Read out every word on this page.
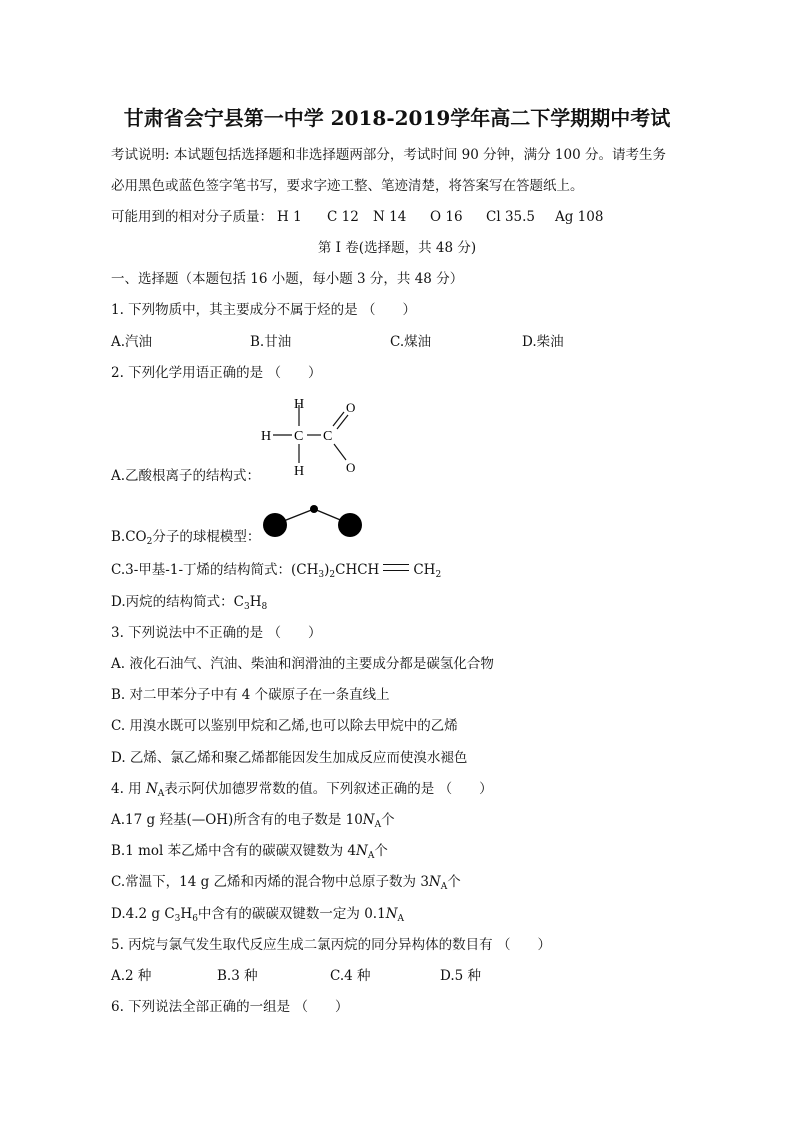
甘肃省会宁县第一中学 2018-2019学年高二下学期期中考试
考试说明: 本试题包括选择题和非选择题两部分，考试时间 90 分钟，满分 100 分。请考生务
必用黑色或蓝色签字笔书写，要求字迹工整、笔迹清楚，将答案写在答题纸上。
可能用到的相对分子质量： H 1 C 12 N 14 O 16 Cl 35.5 Ag 108
第 I 卷(选择题，共 48 分)
一、选择题（本题包括 16 小题，每小题 3 分，共 48 分）
1. 下列物质中，其主要成分不属于烃的是 （　　）
A.汽油	B.甘油	C.煤油	D.柴油
2. 下列化学用语正确的是 （　　）
H
H
H
C C
O
O
A.乙酸根离子的结构式：
$B.CO_2$分子的球棍模型：
C.3-甲基-1-丁烯的结构简式：$(CH_3)_2CHCH$	$CH_2$
D.丙烷的结构简式：$C_3H_8$
3. 下列说法中不正确的是 （　　）
A. 液化石油气、汽油、柴油和润滑油的主要成分都是碳氢化合物
B. 对二甲苯分子中有 4 个碳原子在一条直线上
C. 用溴水既可以鉴别甲烷和乙烯,也可以除去甲烷中的乙烯
D. 乙烯、氯乙烯和聚乙烯都能因发生加成反应而使溴水褪色
4. 用 $N_A$表示阿伏加德罗常数的值。下列叙述正确的是 （　　）
A.17 g 羟基(—OH)所含有的电子数是 $10N_A$个
B.1 mol 苯乙烯中含有的碳碳双键数为 $4N_A$个
C.常温下，14 g 乙烯和丙烯的混合物中总原子数为 $3N_A$个
D.4.2 g $C_3H_6$中含有的碳碳双键数一定为 $0.1N_A$
5. 丙烷与氯气发生取代反应生成二氯丙烷的同分异构体的数目有 （　　）
A.2 种	B.3 种	C.4 种	D.5 种
6. 下列说法全部正确的一组是 （　　）
